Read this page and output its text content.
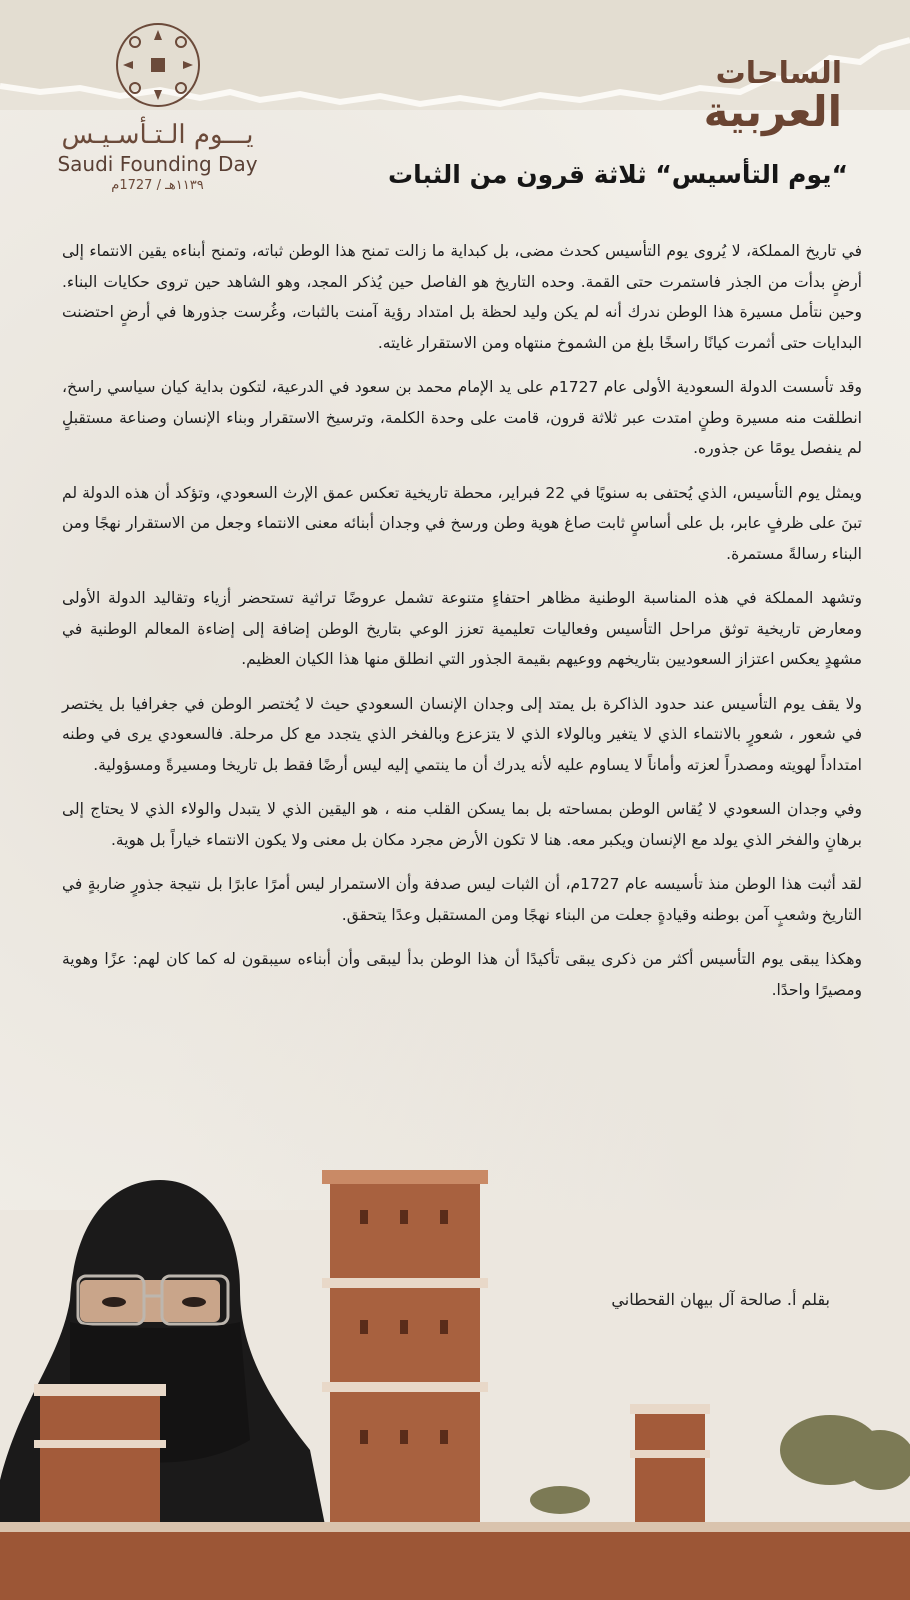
يـــوم الـتـأسـيـس
Saudi Founding Day
١١٣٩هـ / 1727م
الساحات
العربية
“يوم التأسيس“ ثلاثة قرون من الثبات

في تاريخ المملكة، لا يُروى يوم التأسيس كحدث مضى، بل كبداية ما زالت تمنح هذا الوطن ثباته، وتمنح أبناءه يقين الانتماء إلى أرضٍ بدأت من الجذر فاستمرت حتى القمة. وحده التاريخ هو الفاصل حين يُذكر المجد، وهو الشاهد حين تروى حكايات البناء. وحين نتأمل مسيرة هذا الوطن ندرك أنه لم يكن وليد لحظة بل امتداد رؤية آمنت بالثبات، وغُرست جذورها في أرضٍ احتضنت البدايات حتى أثمرت كيانًا راسخًا بلغ من الشموخ منتهاه ومن الاستقرار غايته.

وقد تأسست الدولة السعودية الأولى عام 1727م على يد الإمام محمد بن سعود في الدرعية، لتكون بداية كيان سياسي راسخ، انطلقت منه مسيرة وطنٍ امتدت عبر ثلاثة قرون، قامت على وحدة الكلمة، وترسيخ الاستقرار وبناء الإنسان وصناعة مستقبلٍ لم ينفصل يومًا عن جذوره.

ويمثل يوم التأسيس، الذي يُحتفى به سنويًا في 22 فبراير، محطة تاريخية تعكس عمق الإرث السعودي، وتؤكد أن هذه الدولة لم تبنَ على ظرفٍ عابر، بل على أساسٍ ثابت صاغ هوية وطن ورسخ في وجدان أبنائه معنى الانتماء وجعل من الاستقرار نهجًا ومن البناء رسالةً مستمرة.

وتشهد المملكة في هذه المناسبة الوطنية مظاهر احتفاءٍ متنوعة تشمل عروضًا تراثية تستحضر أزياء وتقاليد الدولة الأولى ومعارض تاريخية توثق مراحل التأسيس وفعاليات تعليمية تعزز الوعي بتاريخ الوطن إضافة إلى إضاءة المعالم الوطنية في مشهدٍ يعكس اعتزاز السعوديين بتاريخهم ووعيهم بقيمة الجذور التي انطلق منها هذا الكيان العظيم.

ولا يقف يوم التأسيس عند حدود الذاكرة بل يمتد إلى وجدان الإنسان السعودي حيث لا يُختصر الوطن في جغرافيا بل يختصر في شعور ، شعورٍ بالانتماء الذي لا يتغير وبالولاء الذي لا يتزعزع وبالفخر الذي يتجدد مع كل مرحلة. فالسعودي يرى في وطنه امتداداً لهويته ومصدراً لعزته وأماناً لا يساوم عليه لأنه يدرك أن ما ينتمي إليه ليس أرضًا فقط بل تاريخا ومسيرةً ومسؤولية.

وفي وجدان السعودي لا يُقاس الوطن بمساحته بل بما يسكن القلب منه ، هو اليقين الذي لا يتبدل والولاء الذي لا يحتاج إلى برهانٍ والفخر الذي يولد مع الإنسان ويكبر معه. هنا لا تكون الأرض مجرد مكان بل معنى ولا يكون الانتماء خياراً بل هوية.

لقد أثبت هذا الوطن منذ تأسيسه عام 1727م، أن الثبات ليس صدفة وأن الاستمرار ليس أمرًا عابرًا بل نتيجة جذورٍ ضاربةٍ في التاريخ وشعبٍ آمن بوطنه وقيادةٍ جعلت من البناء نهجًا ومن المستقبل وعدًا يتحقق.

وهكذا يبقى يوم التأسيس أكثر من ذكرى يبقى تأكيدًا أن هذا الوطن بدأ ليبقى وأن أبناءه سيبقون له كما كان لهم: عزًا وهوية ومصيرًا واحدًا.

بقلم أ. صالحة آل بيهان القحطاني
